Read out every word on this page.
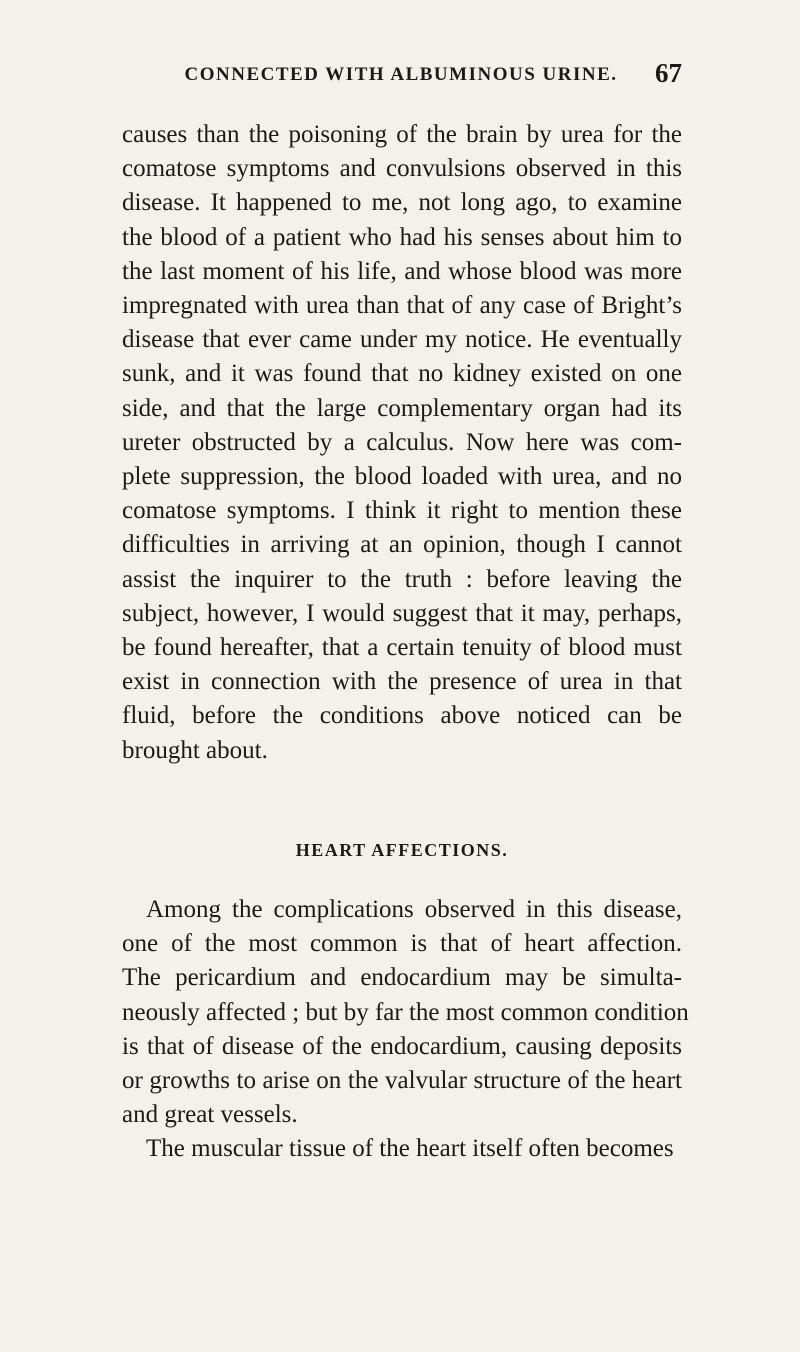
CONNECTED WITH ALBUMINOUS URINE.	67
causes than the poisoning of the brain by urea for the
comatose symptoms and convulsions observed in this
disease. It happened to me, not long ago, to examine
the blood of a patient who had his senses about him to
the last moment of his life, and whose blood was more
impregnated with urea than that of any case of Bright’s
disease that ever came under my notice. He eventually
sunk, and it was found that no kidney existed on one
side, and that the large complementary organ had its
ureter obstructed by a calculus. Now here was com-
plete suppression, the blood loaded with urea, and no
comatose symptoms. I think it right to mention these
difficulties in arriving at an opinion, though I cannot
assist the inquirer to the truth : before leaving the
subject, however, I would suggest that it may, perhaps,
be found hereafter, that a certain tenuity of blood must
exist in connection with the presence of urea in that
fluid, before the conditions above noticed can be
brought about.
HEART AFFECTIONS.
Among the complications observed in this disease,
one of the most common is that of heart affection.
The pericardium and endocardium may be simulta-
neously affected ; but by far the most common condition
is that of disease of the endocardium, causing deposits
or growths to arise on the valvular structure of the heart
and great vessels.
The muscular tissue of the heart itself often becomes
